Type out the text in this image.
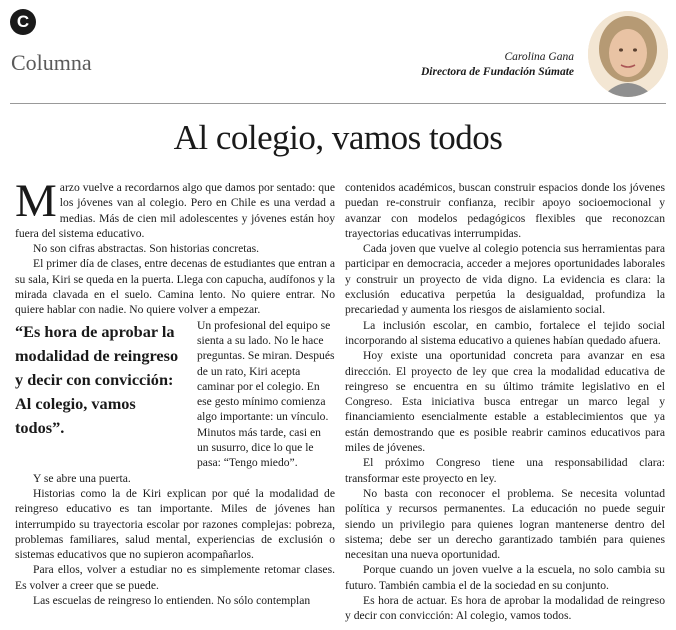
C
Columna	Carolina Gana
Directora de Fundación Súmate
Al colegio, vamos todos

Marzo vuelve a recordarnos algo que damos por sentado: que los jóvenes van al colegio. Pero en Chile es una verdad a medias. Más de cien mil adolescentes y jóvenes están hoy fuera del sistema educativo.

No son cifras abstractas. Son historias concretas.

El primer día de clases, entre decenas de estudiantes que entran a su sala, Kiri se queda en la puerta. Llega con capucha, audífonos y la mirada clavada en el suelo. Camina lento. No quiere entrar. No quiere hablar con nadie. No quiere volver a empezar.

“Es hora de aprobar la modalidad de reingreso y decir con convicción: Al colegio, vamos todos”.
Un profesional del equipo se sienta a su lado. No le hace preguntas. Se miran. Después de un rato, Kiri acepta caminar por el colegio. En ese gesto mínimo comienza algo importante: un vínculo. Minutos más tarde, casi en un susurro, dice lo que le pasa: “Tengo miedo”.

Y se abre una puerta.

Historias como la de Kiri explican por qué la modalidad de reingreso educativo es tan importante. Miles de jóvenes han interrumpido su trayectoria escolar por razones complejas: pobreza, problemas familiares, salud mental, experiencias de exclusión o sistemas educativos que no supieron acompañarlos.

Para ellos, volver a estudiar no es simplemente retomar clases. Es volver a creer que se puede.

Las escuelas de reingreso lo entienden. No sólo contemplan

contenidos académicos, buscan construir espacios donde los jóvenes puedan re-construir confianza, recibir apoyo socioemocional y avanzar con modelos pedagógicos flexibles que reconozcan trayectorias educativas interrumpidas.

Cada joven que vuelve al colegio potencia sus herramientas para participar en democracia, acceder a mejores oportunidades laborales y construir un proyecto de vida digno. La evidencia es clara: la exclusión educativa perpetúa la desigualdad, profundiza la precariedad y aumenta los riesgos de aislamiento social.

La inclusión escolar, en cambio, fortalece el tejido social incorporando al sistema educativo a quienes habían quedado afuera.

Hoy existe una oportunidad concreta para avanzar en esa dirección. El proyecto de ley que crea la modalidad educativa de reingreso se encuentra en su último trámite legislativo en el Congreso. Esta iniciativa busca entregar un marco legal y financiamiento esencialmente estable a establecimientos que ya están demostrando que es posible reabrir caminos educativos para miles de jóvenes.

El próximo Congreso tiene una responsabilidad clara: transformar este proyecto en ley.

No basta con reconocer el problema. Se necesita voluntad política y recursos permanentes. La educación no puede seguir siendo un privilegio para quienes logran mantenerse dentro del sistema; debe ser un derecho garantizado también para quienes necesitan una nueva oportunidad.

Porque cuando un joven vuelve a la escuela, no solo cambia su futuro. También cambia el de la sociedad en su conjunto.

Es hora de actuar. Es hora de aprobar la modalidad de reingreso y decir con convicción: Al colegio, vamos todos.
